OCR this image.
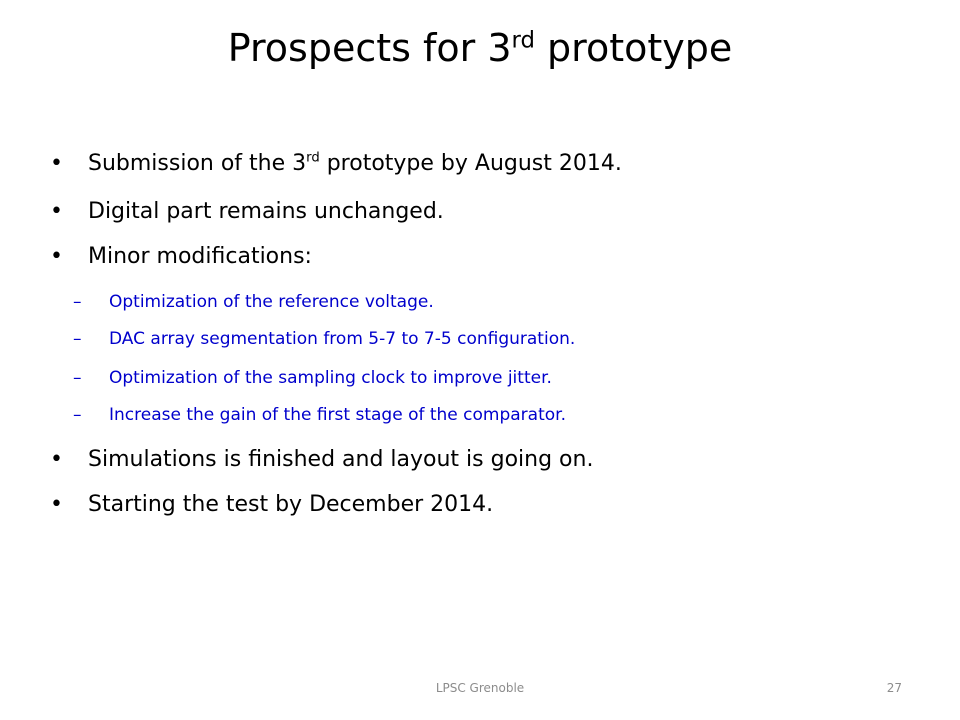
Prospects for 3rd prototype
• Submission of the 3rd prototype by August 2014.
• Digital part remains unchanged.
• Minor modifications:
– Optimization of the reference voltage.
– DAC array segmentation from 5-7 to 7-5 configuration.
– Optimization of the sampling clock to improve jitter.
– Increase the gain of the first stage of the comparator.
• Simulations is finished and layout is going on.
• Starting the test by December 2014.
LPSC Grenoble	27
